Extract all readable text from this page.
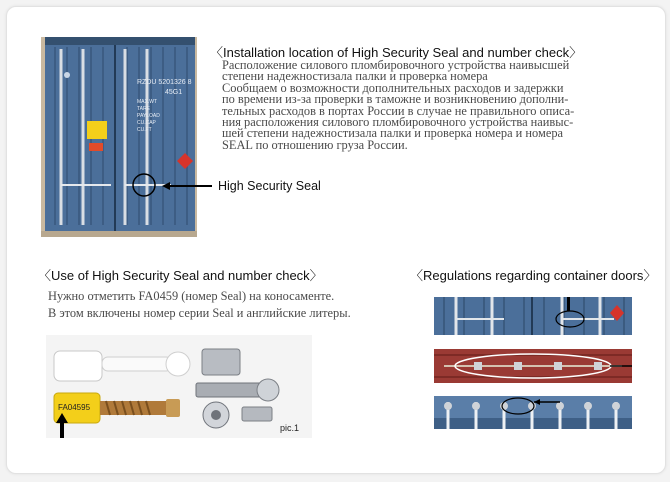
RZDU 5201326 8
45G1
MAX.WT
TARE
PAYLOAD
CU.CAP
CU.FT
〈Installation location of High Security Seal and number check〉
Расположение силового пломбировочного устройства наивысшей
степени надежностизала палки и проверка номера
Сообщаем о возможности дополнительных расходов и задержки
по времени из-за проверки в таможне и возникновению дополни-
тельных расходов в портах России в случае не правильного описа-
ния расположения силового пломбировочного устройства наивыс-
шей степени надежностизала палки и проверка номера и номера
SEAL по отношению груза России.
High Security Seal
〈Use of High Security Seal and number check〉
Нужно отметить FA0459 (номер Seal) на коносаменте.
В этом включены номер серии Seal и английские литеры.
FA04595
pic.1
〈Regulations regarding container doors〉
